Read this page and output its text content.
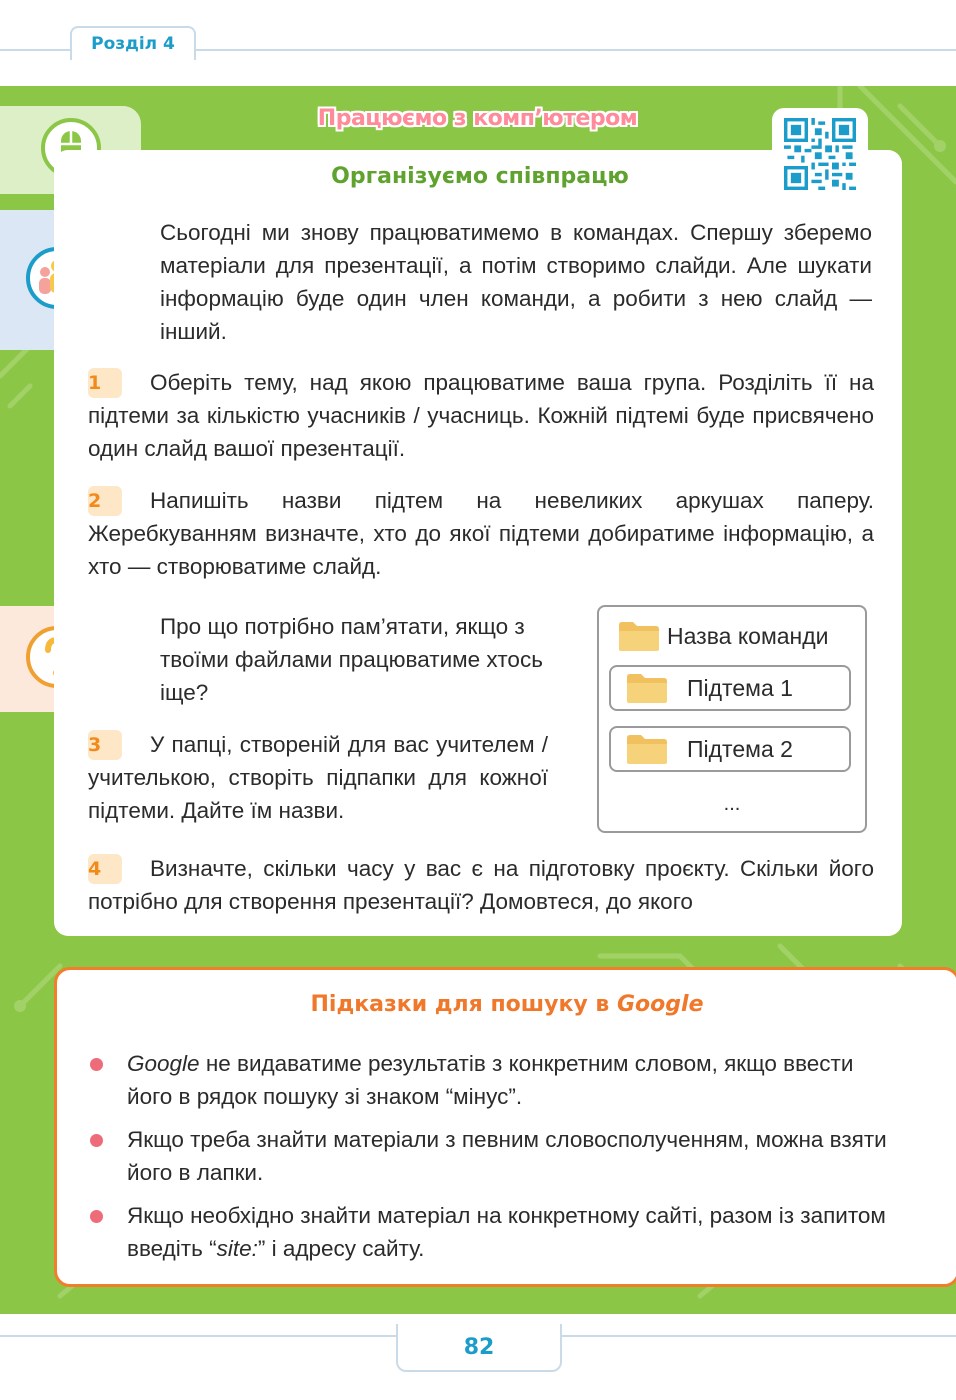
Розділ 4
Працюємо з комп’ютером
Організуємо співпрацю

Сьогодні ми знову працюватимемо в командах. Спершу зберемо матеріали для презентації, а потім створимо слайди. Але шукати інформацію буде один член команди, а робити з нею слайд — інший.

1 Оберіть тему, над якою працюватиме ваша група. Розділіть її на підтеми за кількістю учасників / учасниць. Кожній підтемі буде присвячено один слайд вашої презентації.

2 Напишіть назви підтем на невеликих аркушах паперу. Жеребкуванням визначте, хто до якої підтеми добиратиме інформацію, а хто — створюватиме слайд.

Про що потрібно пам’ятати, якщо з твоїми файлами працюватиме хтось іще?

3 У папці, створеній для вас учителем / учителькою, створіть підпапки для кожної підтеми. Дайте їм назви.

Назва команди
Підтема 1
Підтема 2
...

4 Визначте, скільки часу у вас є на підготовку проєкту. Скільки його потрібно для створення презентації? Домовтеся, до якого

Підказки для пошуку в Google

Google не видаватиме результатів з конкретним словом, якщо ввести його в рядок пошуку зі знаком “мінус”.

Якщо треба знайти матеріали з певним словосполученням, можна взяти його в лапки.

Якщо необхідно знайти матеріал на конкретному сайті, разом із запитом введіть “site:” і адресу сайту.

82
